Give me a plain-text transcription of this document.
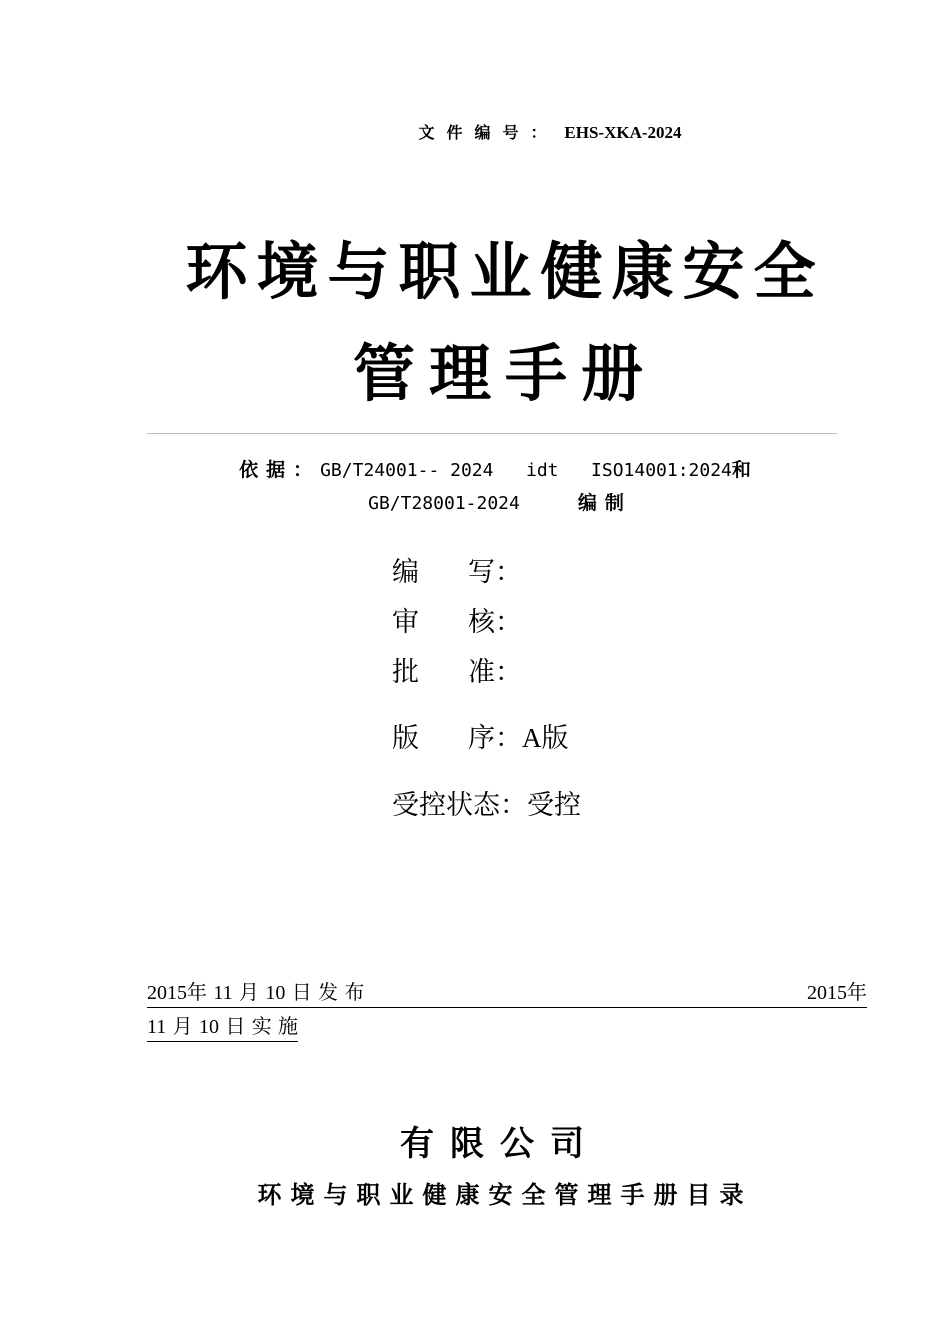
文件编号： EHS-XKA-2024
环境与职业健康安全
管理手册
依据：GB/T24001-- 2024   idt   ISO14001:2024和
GB/T28001-2024	编制
编 写：
审 核：
批 准：
版 序：A版
受控状态：受控
2015年 11 月 10 日 发 布	2015年
11 月 10 日 实 施
有限公司
环境与职业健康安全管理手册目录
